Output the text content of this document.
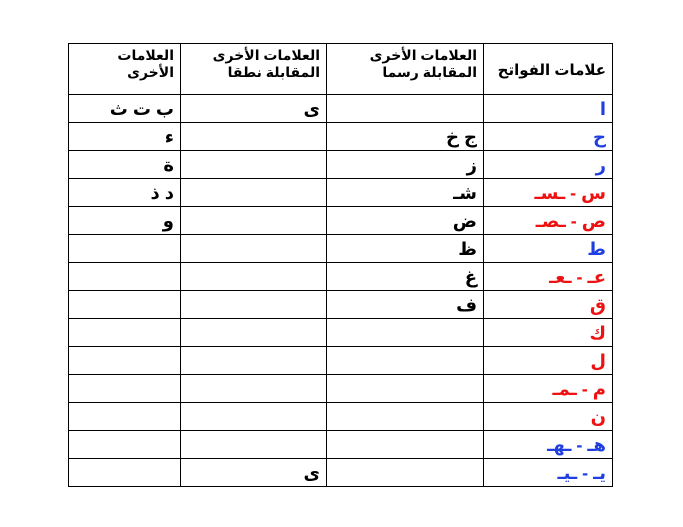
العلامات الأخرى	العلامات الأخرى المقابلة نطقا	العلامات الأخرى المقابلة رسما	علامات الفواتح
ب ت ث	ى		ا
ء		ج خ	ح
ة		ز	ر
د ذ		شـ	س - ـسـ
و		ض	ص - ـصـ
		ظ	ط
		غ	عـ - ـعـ
		ف	ق
			ك
			ل
			م - ـمـ
			ن
			هـ - ـهـ
	ى		يـ - ـيـ
